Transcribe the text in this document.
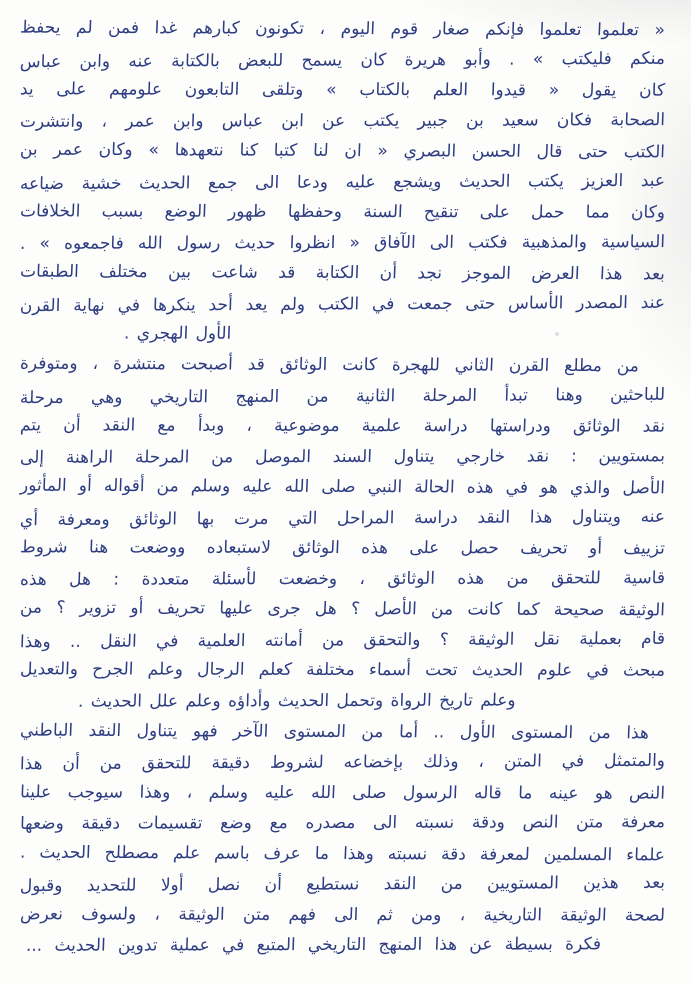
« تعلموا تعلموا فإنكم صغار قوم اليوم ، تكونون كبارهم غدا فمن لم يحفظ
منكم فليكتب » . وأبو هريرة كان يسمح للبعض بالكتابة عنه وابن عباس
كان يقول « قيدوا العلم بالكتاب » وتلقى التابعون علومهم على يد
الصحابة فكان سعيد بن جبير يكتب عن ابن عباس وابن عمر ، وانتشرت
الكتب حتى قال الحسن البصري « ان لنا كتبا كنا نتعهدها » وكان عمر بن
عبد العزيز يكتب الحديث ويشجع عليه ودعا الى جمع الحديث خشية ضياعه
وكان مما حمل على تنقيح السنة وحفظها ظهور الوضع بسبب الخلافات
السياسية والمذهبية فكتب الى الآفاق « انظروا حديث رسول الله فاجمعوه » .
بعد هذا العرض الموجز نجد أن الكتابة قد شاعت بين مختلف الطبقات
عند المصدر الأساس حتى جمعت في الكتب ولم يعد أحد ينكرها في نهاية القرن
الأول الهجري .
من مطلع القرن الثاني للهجرة كانت الوثائق قد أصبحت منتشرة ، ومتوفرة
للباحثين وهنا تبدأ المرحلة الثانية من المنهج التاريخي وهي مرحلة
نقد الوثائق ودراستها دراسة علمية موضوعية ، وبدأ مع النقد أن يتم
بمستويين : نقد خارجي يتناول السند الموصل من المرحلة الراهنة إلى
الأصل والذي هو في هذه الحالة النبي صلى الله عليه وسلم من أقواله أو المأثور
عنه ويتناول هذا النقد دراسة المراحل التي مرت بها الوثائق ومعرفة أي
تزييف أو تحريف حصل على هذه الوثائق لاستبعاده ووضعت هنا شروط
قاسية للتحقق من هذه الوثائق ، وخضعت لأسئلة متعددة : هل هذه
الوثيقة صحيحة كما كانت من الأصل ؟ هل جرى عليها تحريف أو تزوير ؟ من
قام بعملية نقل الوثيقة ؟ والتحقق من أمانته العلمية في النقل .. وهذا
مبحث في علوم الحديث تحت أسماء مختلفة كعلم الرجال وعلم الجرح والتعديل
وعلم تاريخ الرواة وتحمل الحديث وأداؤه وعلم علل الحديث .
هذا من المستوى الأول .. أما من المستوى الآخر فهو يتناول النقد الباطني
والمتمثل في المتن ، وذلك بإخضاعه لشروط دقيقة للتحقق من أن هذا
النص هو عينه ما قاله الرسول صلى الله عليه وسلم ، وهذا سيوجب علينا
معرفة متن النص ودقة نسبته الى مصدره مع وضع تقسيمات دقيقة وضعها
علماء المسلمين لمعرفة دقة نسبته وهذا ما عرف باسم علم مصطلح الحديث .
بعد هذين المستويين من النقد نستطيع أن نصل أولا للتحديد وقبول
لصحة الوثيقة التاريخية ، ومن ثم الى فهم متن الوثيقة ، ولسوف نعرض
فكرة بسيطة عن هذا المنهج التاريخي المتبع في عملية تدوين الحديث ...
